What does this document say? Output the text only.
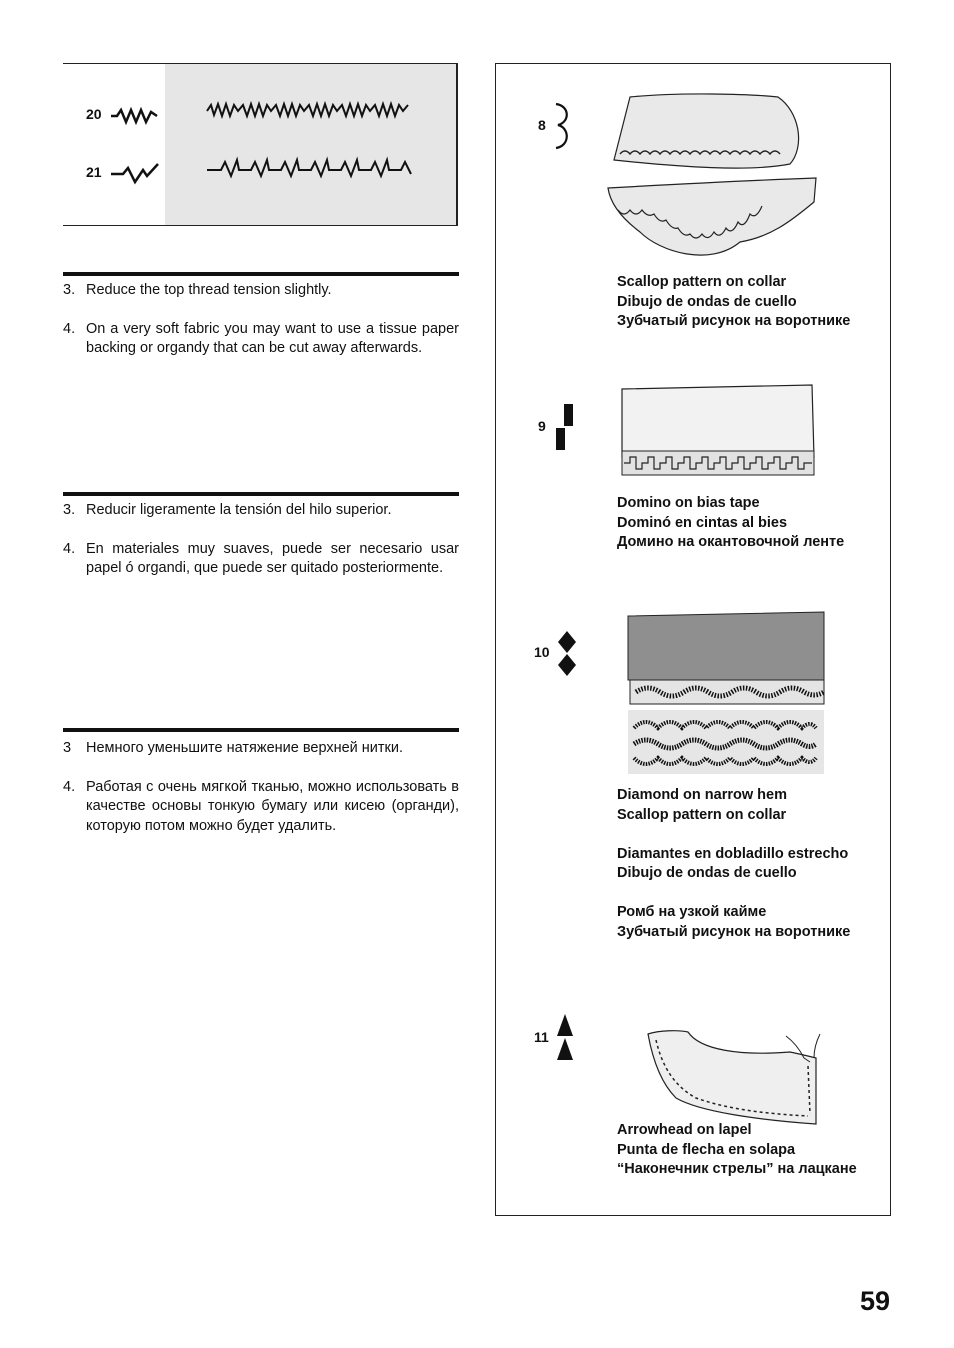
20
21
3. Reduce the top thread tension slightly.
4. On a very soft fabric you may want to use a tissue paper backing or organdy that can be cut away afterwards.
3. Reducir ligeramente la tensión del hilo superior.
4. En materiales muy suaves, puede ser necesario usar papel ó organdi, que puede ser quitado posteriormente.
3	Немного уменьшите натяжение верхней нитки.
4. Работая с очень мягкой тканью, можно использовать в качестве основы тонкую бумагу или кисею (органди), которую потом можно будет удалить.
8
Scallop pattern on collar
Dibujo de ondas de cuello
Зубчатый рисунок на воротнике
9
Domino on bias tape
Dominó en cintas al bies
Домино на окантовочной ленте
10
Diamond on narrow hem
Scallop pattern on collar
Diamantes en dobladillo estrecho
Dibujo de ondas de cuello
Ромб на узкой кайме
Зубчатый рисунок на воротнике
11
Arrowhead on lapel
Punta de flecha en solapa
“Наконечник стрелы” на лацкане
59
